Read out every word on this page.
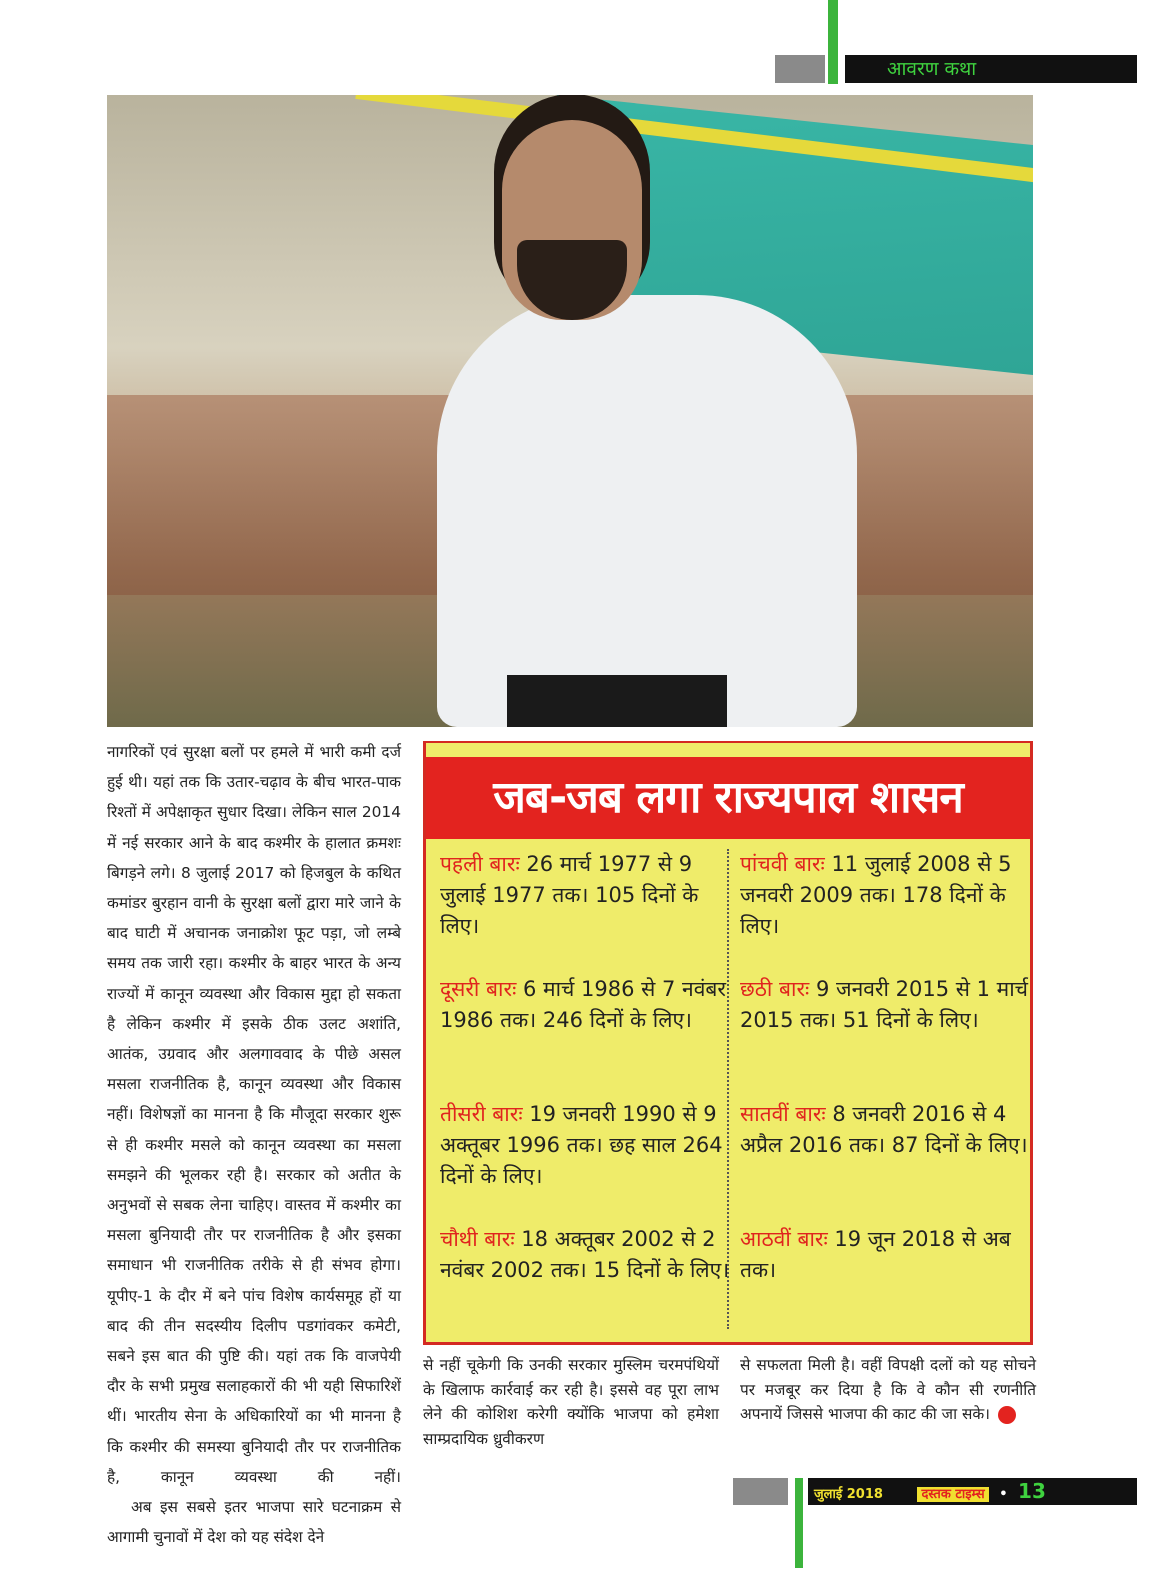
आवरण कथा

नागरिकों एवं सुरक्षा बलों पर हमले में भारी कमी दर्ज हुई थी। यहां तक कि उतार-चढ़ाव के बीच भारत-पाक रिश्तों में अपेक्षाकृत सुधार दिखा। लेकिन साल 2014 में नई सरकार आने के बाद कश्मीर के हालात क्रमशः बिगड़ने लगे। 8 जुलाई 2017 को हिजबुल के कथित कमांडर बुरहान वानी के सुरक्षा बलों द्वारा मारे जाने के बाद घाटी में अचानक जनाक्रोश फूट पड़ा, जो लम्बे समय तक जारी रहा। कश्मीर के बाहर भारत के अन्य राज्यों में कानून व्यवस्था और विकास मुद्दा हो सकता है लेकिन कश्मीर में इसके ठीक उलट अशांति, आतंक, उग्रवाद और अलगाववाद के पीछे असल मसला राजनीतिक है, कानून व्यवस्था और विकास नहीं। विशेषज्ञों का मानना है कि मौजूदा सरकार शुरू से ही कश्मीर मसले को कानून व्यवस्था का मसला समझने की भूलकर रही है। सरकार को अतीत के अनुभवों से सबक लेना चाहिए। वास्तव में कश्मीर का मसला बुनियादी तौर पर राजनीतिक है और इसका समाधान भी राजनीतिक तरीके से ही संभव होगा। यूपीए-1 के दौर में बने पांच विशेष कार्यसमूह हों या बाद की तीन सदस्यीय दिलीप पडगांवकर कमेटी, सबने इस बात की पुष्टि की। यहां तक कि वाजपेयी दौर के सभी प्रमुख सलाहकारों की भी यही सिफारिशें थीं। भारतीय सेना के अधिकारियों का भी मानना है कि कश्मीर की समस्या बुनियादी तौर पर राजनीतिक है, कानून व्यवस्था की नहीं।

अब इस सबसे इतर भाजपा सारे घटनाक्रम से आगामी चुनावों में देश को यह संदेश देने

जब-जब लगा राज्यपाल शासन
पहली बारः 26 मार्च 1977 से 9 जुलाई 1977 तक। 105 दिनों के लिए।
दूसरी बारः 6 मार्च 1986 से 7 नवंबर 1986 तक। 246 दिनों के लिए।
तीसरी बारः 19 जनवरी 1990 से 9 अक्तूबर 1996 तक। छह साल 264 दिनों के लिए।
चौथी बारः 18 अक्तूबर 2002 से 2 नवंबर 2002 तक। 15 दिनों के लिए।
पांचवी बारः 11 जुलाई 2008 से 5 जनवरी 2009 तक। 178 दिनों के लिए।
छठी बारः 9 जनवरी 2015 से 1 मार्च 2015 तक। 51 दिनों के लिए।
सातवीं बारः 8 जनवरी 2016 से 4 अप्रैल 2016 तक। 87 दिनों के लिए।
आठवीं बारः 19 जून 2018 से अब तक।

से नहीं चूकेगी कि उनकी सरकार मुस्लिम चरमपंथियों के खिलाफ कार्रवाई कर रही है। इससे वह पूरा लाभ लेने की कोशिश करेगी क्योंकि भाजपा को हमेशा साम्प्रदायिक ध्रुवीकरण

से सफलता मिली है। वहीं विपक्षी दलों को यह सोचने पर मजबूर कर दिया है कि वे कौन सी रणनीति अपनायें जिससे भाजपा की काट की जा सके।

जुलाई 2018	दस्तक टाइम्स • 13
